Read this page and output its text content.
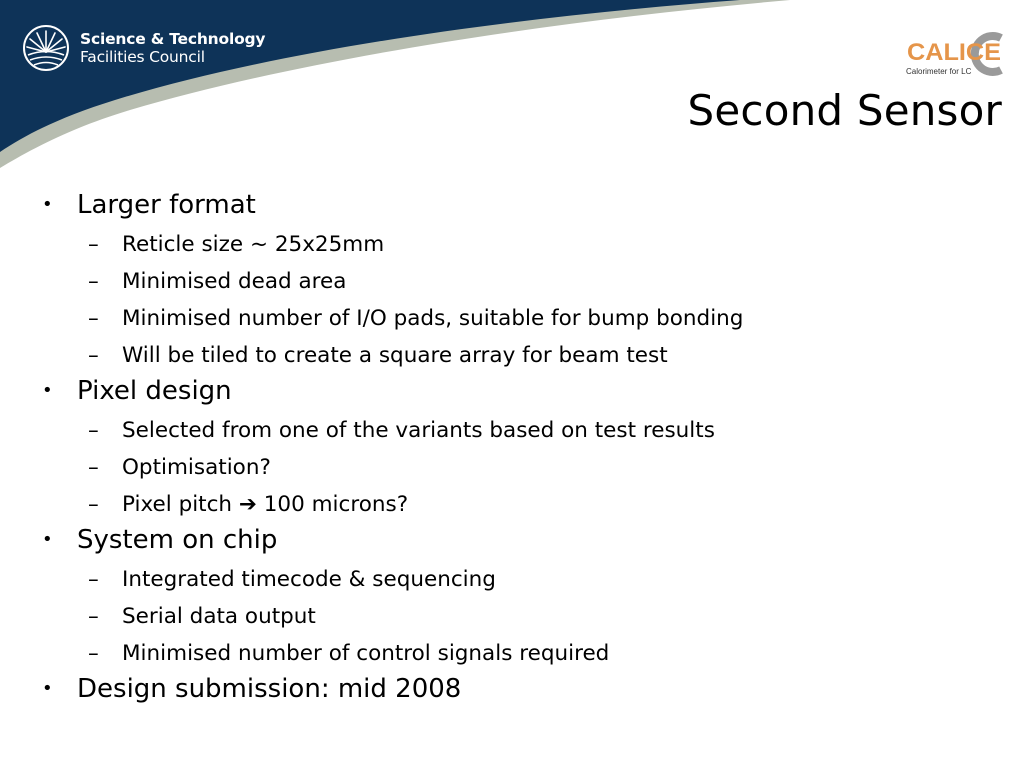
Science & Technology
Facilities Council	CALICE
Calorimeter for LC
Second Sensor
• Larger format
– Reticle size ~ 25x25mm
– Minimised dead area
– Minimised number of I/O pads, suitable for bump bonding
– Will be tiled to create a square array for beam test
• Pixel design
– Selected from one of the variants based on test results
– Optimisation?
– Pixel pitch ➔ 100 microns?
• System on chip
– Integrated timecode & sequencing
– Serial data output
– Minimised number of control signals required
• Design submission: mid 2008
